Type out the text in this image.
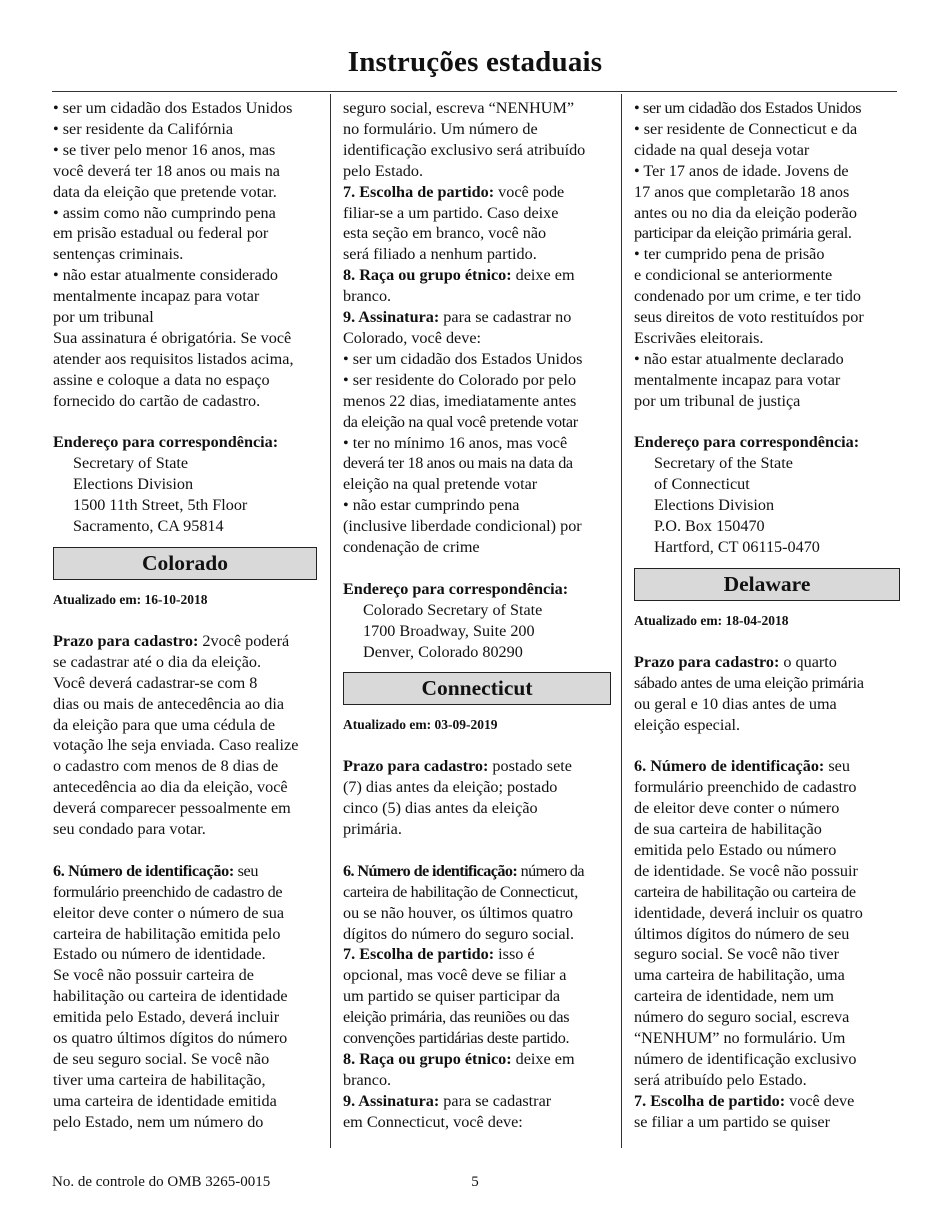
Instruções estaduais
• ser um cidadão dos Estados Unidos
• ser residente da Califórnia
• se tiver pelo menor 16 anos, mas
você deverá ter 18 anos ou mais na
data da eleição que pretende votar.
• assim como não cumprindo pena
em prisão estadual ou federal por
sentenças criminais.
• não estar atualmente considerado
mentalmente incapaz para votar
por um tribunal
Sua assinatura é obrigatória. Se você
atender aos requisitos listados acima,
assine e coloque a data no espaço
fornecido do cartão de cadastro.
Endereço para correspondência:
Secretary of State
Elections Division
1500 11th Street, 5th Floor
Sacramento, CA 95814
Colorado
Atualizado em: 16-10-2018
Prazo para cadastro: 2você poderá
se cadastrar até o dia da eleição.
Você deverá cadastrar-se com 8
dias ou mais de antecedência ao dia
da eleição para que uma cédula de
votação lhe seja enviada. Caso realize
o cadastro com menos de 8 dias de
antecedência ao dia da eleição, você
deverá comparecer pessoalmente em
seu condado para votar.
6. Número de identificação: seu
formulário preenchido de cadastro de
eleitor deve conter o número de sua
carteira de habilitação emitida pelo
Estado ou número de identidade.
Se você não possuir carteira de
habilitação ou carteira de identidade
emitida pelo Estado, deverá incluir
os quatro últimos dígitos do número
de seu seguro social. Se você não
tiver uma carteira de habilitação,
uma carteira de identidade emitida
pelo Estado, nem um número do
seguro social, escreva “NENHUM”
no formulário. Um número de
identificação exclusivo será atribuído
pelo Estado.
7. Escolha de partido: você pode
filiar-se a um partido. Caso deixe
esta seção em branco, você não
será filiado a nenhum partido.
8. Raça ou grupo étnico: deixe em
branco.
9. Assinatura: para se cadastrar no
Colorado, você deve:
• ser um cidadão dos Estados Unidos
• ser residente do Colorado por pelo
menos 22 dias, imediatamente antes
da eleição na qual você pretende votar
• ter no mínimo 16 anos, mas você
deverá ter 18 anos ou mais na data da
eleição na qual pretende votar
• não estar cumprindo pena
(inclusive liberdade condicional) por
condenação de crime
Endereço para correspondência:
Colorado Secretary of State
1700 Broadway, Suite 200
Denver, Colorado 80290
Connecticut
Atualizado em: 03-09-2019
Prazo para cadastro: postado sete
(7) dias antes da eleição; postado
cinco (5) dias antes da eleição
primária.
6. Número de identificação: número da
carteira de habilitação de Connecticut,
ou se não houver, os últimos quatro
dígitos do número do seguro social.
7. Escolha de partido: isso é
opcional, mas você deve se filiar a
um partido se quiser participar da
eleição primária, das reuniões ou das
convenções partidárias deste partido.
8. Raça ou grupo étnico: deixe em
branco.
9. Assinatura: para se cadastrar
em Connecticut, você deve:
• ser um cidadão dos Estados Unidos
• ser residente de Connecticut e da
cidade na qual deseja votar
• Ter 17 anos de idade. Jovens de
17 anos que completarão 18 anos
antes ou no dia da eleição poderão
participar da eleição primária geral.
• ter cumprido pena de prisão
e condicional se anteriormente
condenado por um crime, e ter tido
seus direitos de voto restituídos por
Escrivães eleitorais.
• não estar atualmente declarado
mentalmente incapaz para votar
por um tribunal de justiça
Endereço para correspondência:
Secretary of the State
of Connecticut
Elections Division
P.O. Box 150470
Hartford, CT 06115-0470
Delaware
Atualizado em: 18-04-2018
Prazo para cadastro: o quarto
sábado antes de uma eleição primária
ou geral e 10 dias antes de uma
eleição especial.
6. Número de identificação: seu
formulário preenchido de cadastro
de eleitor deve conter o número
de sua carteira de habilitação
emitida pelo Estado ou número
de identidade. Se você não possuir
carteira de habilitação ou carteira de
identidade, deverá incluir os quatro
últimos dígitos do número de seu
seguro social. Se você não tiver
uma carteira de habilitação, uma
carteira de identidade, nem um
número do seguro social, escreva
“NENHUM” no formulário. Um
número de identificação exclusivo
será atribuído pelo Estado.
7. Escolha de partido: você deve
se filiar a um partido se quiser
No. de controle do OMB 3265-0015	5
